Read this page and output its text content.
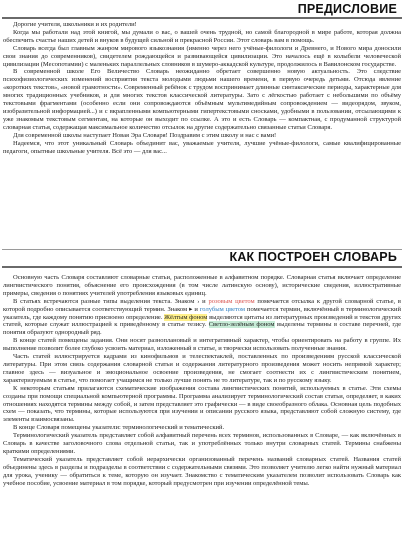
ПРЕДИСЛОВИЕ
Дорогие учителя, школьники и их родители!

Когда мы работали над этой книгой, мы думали о вас, о вашей очень трудной, но самой благородной в мире работе, которая должна обеспечить счастье наших детей и внуков в будущей сильной и прекрасной России. Этот словарь вам в помощь.

Словарь всегда был главным жанром мирового языкознания (именно через него учёные-филологи и Древнего, и Нового мира доносили свои знания до современников), свидетелем рождающейся и развивающейся цивилизации. Это началось ещё в колыбели человеческой цивилизации (Месопотамии) с маленьких параллельных словников в шумеро-аккадской культуре, продолжилось в Вавилонском государстве.

В современной школе Его Величество Словарь неожиданно обретает совершенно новую актуальность. Это следствие психофизиологических изменений восприятия текста молодыми людьми нашего времени, в первую очередь детьми. Отсюда явление «коротких текстов», «новой грамотности». Современный ребёнок с трудом воспринимает длинные синтаксические периоды, характерные для многих традиционных учебников, и для многих текстов классической литературы. Зато с лёгкостью работает с небольшими по объёму текстовыми фрагментами (особенно если они сопровождаются объёмным мультимедийным сопровождением — видеорядом, звуком, изобразительной информацией...) и с вкрапленными компьютерными гипертекстовыми сносками, удобными в пользовании, отсылающими к уже знакомым текстовым сегментам, на которые он выходит по ссылке. А это и есть Словарь — компактная, с продуманной структурой словарная статья, содержащая максимальное количество отсылок на другие содержательно связанные статьи Словаря.

Для современной школы наступает Новая Эра Словаря! Поздравим с этим школу и нас с вами!

Надеемся, что этот уникальный Словарь объединит вас, уважаемые учителя, лучшие учёные-филологи, самые квалифицированные педагоги, опытные школьные учителя. Всё это — для вас...

КАК ПОСТРОЕН СЛОВАРЬ

Основную часть Словаря составляют словарные статьи, расположенные в алфавитном порядке. Словарная статья включает определение лингвистического понятия, объяснение его происхождения (в том числе латинскую основу), исторические сведения, иллюстративные примеры, сведения о понятиях учителей употребления языковых единиц.

В статьях встречаются разные типы выделения текста. Знаком › и розовым цветом помечается отсылка к другой словарной статье, в которой подробно описывается соответствующий термин. Знаком ▸ и голубым цветом помечается термин, включённый в терминологический указатель, где каждому понятию присвоено определение. Жёлтым фоном выделяются цитаты из литературных произведений и текстов других статей, которые служат иллюстрацией к приведённому в статье тезису. Светло-зелёным фоном выделены термины в составе перечней, где понятия образуют однородный ряд.

В конце статей помещены задания. Они носят разноплановый и интегративный характер, чтобы ориентировать на работу в группе. Их выполнение позволит более глубоко усвоить материал, изложенный в статье, и творчески использовать полученные знания.

Часть статей иллюстрируется кадрами из кинофильмов и телеспектаклей, поставленных по произведениям русской классической литературы. При этом связь содержания словарной статьи и содержания литературного произведения может носить непрямой характер; главное здесь — визуальное и эмоциональное освоение произведения, не смогает соотнести их с лингвистическим понятием, характеризуемым в статье, что помогает учащимся не только лучше понять не то литературе, так и по русскому языку.

К некоторым статьям прилагаются схематические изображения состава лингвистических понятий, используемых в статье. Эти схемы созданы при помощи специальной компьютерной программы. Программа анализирует терминологический состав статьи, определяет, в каких отношениях находятся термины между собой, и затем представляет это графически — в виде своеобразного облака. Основная цель подобных схем — показать, что термины, которые используются при изучении и описании русского языка, представляют собой сложную систему, где элементы взаимосвязаны.

В конце Словаря помещены указатели: терминологический и тематический.

Терминологический указатель представляет собой алфавитный перечень всех терминов, использованных в Словаре, — как включённых в Словарь в качестве заголовочного слова отдельной статьи, так и употреблённых только внутри словарных статей. Термины снабжены краткими определениями.

Тематический указатель представляет собой иерархически организованный перечень названий словарных статей. Названия статей объединены здесь в разделы и подразделы в соответствии с содержательными связями. Это позволяет учителю легко найти нужный материал для урока, ученику — обратиться к теме, которую он изучает. Знакомство с тематическим указателем позволит использовать Словарь как учебное пособие, усвоение материал в том порядке, который предусмотрен при изучении определённой темы.
